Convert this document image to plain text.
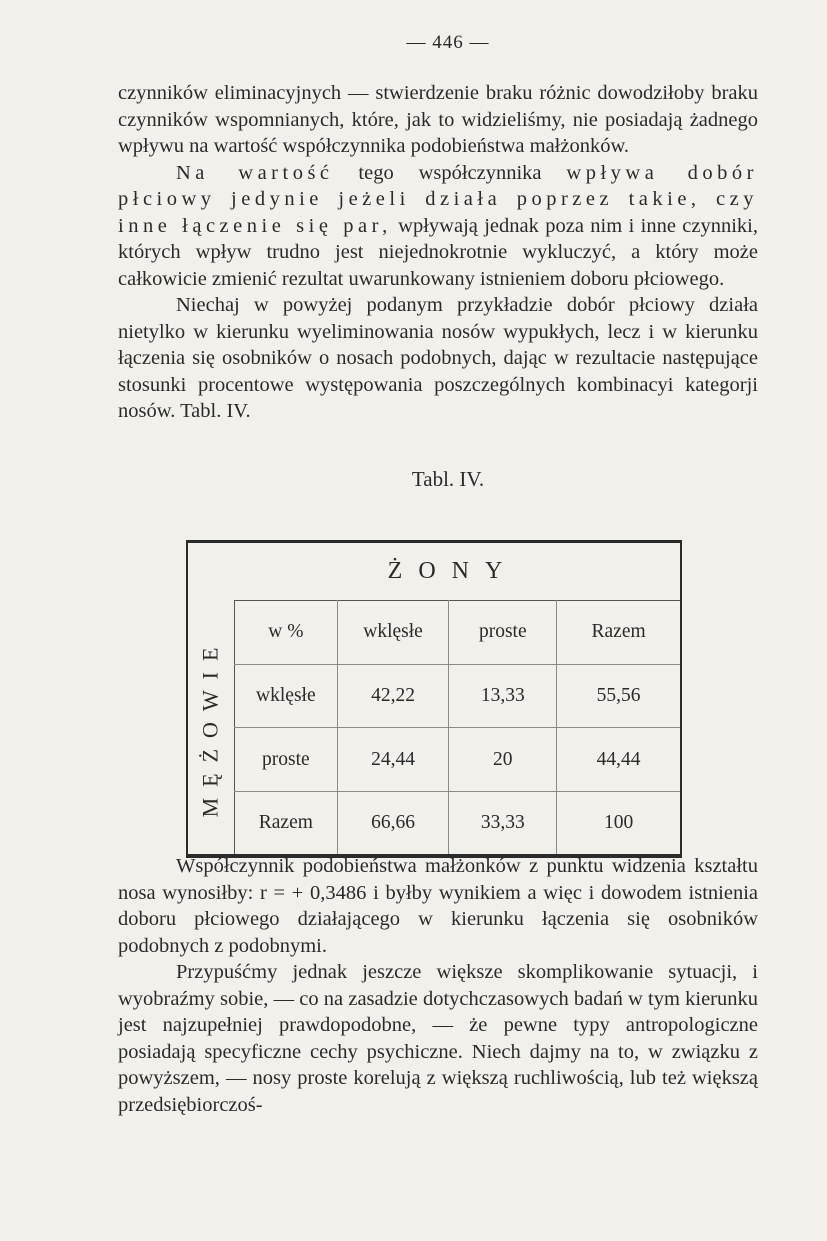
— 446 —

czynników eliminacyjnych — stwierdzenie braku różnic dowodziłoby braku czynników wspomnianych, które, jak to widzieliśmy, nie posiadają żadnego wpływu na wartość współczynnika podobieństwa małżonków.

Na wartość tego współczynnika wpływa dobór płciowy jedynie jeżeli działa poprzez takie, czy inne łączenie się par, wpływają jednak poza nim i inne czynniki, których wpływ trudno jest niejednokrotnie wykluczyć, a który może całkowicie zmienić rezultat uwarunkowany istnieniem doboru płciowego.

Niechaj w powyżej podanym przykładzie dobór płciowy działa nietylko w kierunku wyeliminowania nosów wypukłych, lecz i w kierunku łączenia się osobników o nosach podobnych, dając w rezultacie następujące stosunki procentowe występowania poszczególnych kombinacyi kategorji nosów. Tabl. IV.

Tabl. IV.
ŻONY
MĘŻOWIE
w %	wklęsłe	proste	Razem
wklęsłe	42,22	13,33	55,56
proste	24,44	20	44,44
Razem	66,66	33,33	100

Współczynnik podobieństwa małżonków z punktu widzenia kształtu nosa wynosiłby: r = + 0,3486 i byłby wynikiem a więc i dowodem istnienia doboru płciowego działającego w kierunku łączenia się osobników podobnych z podobnymi.

Przypuśćmy jednak jeszcze większe skomplikowanie sytuacji, i wyobraźmy sobie, — co na zasadzie dotychczasowych badań w tym kierunku jest najzupełniej prawdopodobne, — że pewne typy antropologiczne posiadają specyficzne cechy psychiczne. Niech dajmy na to, w związku z powyższem, — nosy proste korelują z większą ruchliwością, lub też większą przedsiębiorczoś-
